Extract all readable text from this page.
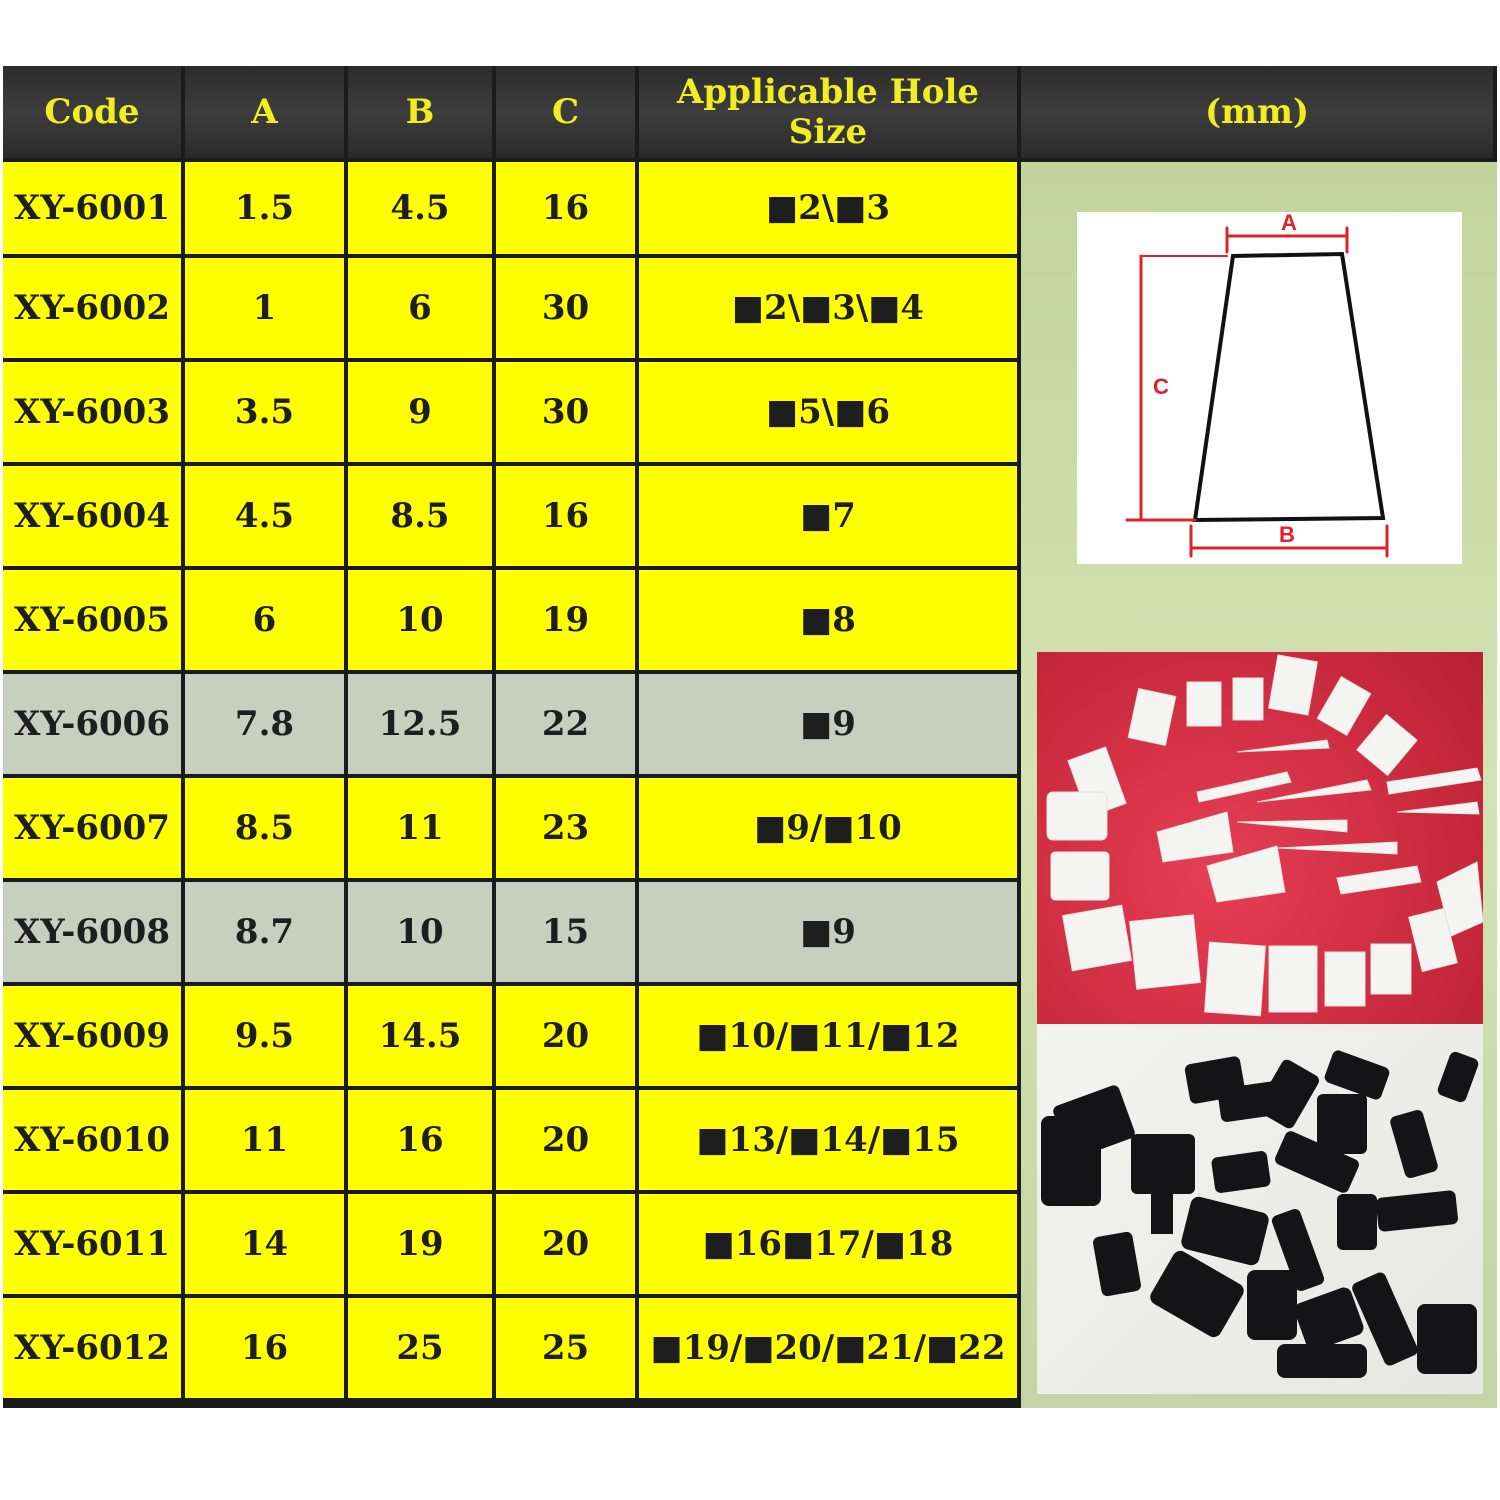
Code	A	B	C	Applicable Hole Size	(mm)
XY-6001	1.5	4.5	16	■2\■3	
XY-6002	1	6	30	■2\■3\■4	
XY-6003	3.5	9	30	■5\■6	
XY-6004	4.5	8.5	16	■7	
XY-6005	6	10	19	■8	
XY-6006	7.8	12.5	22	■9	
XY-6007	8.5	11	23	■9/■10	
XY-6008	8.7	10	15	■9	
XY-6009	9.5	14.5	20	■10/■11/■12	
XY-6010	11	16	20	■13/■14/■15	
XY-6011	14	19	20	■16■17/■18	
XY-6012	16	25	25	■19/■20/■21/■22	
A
C
B
